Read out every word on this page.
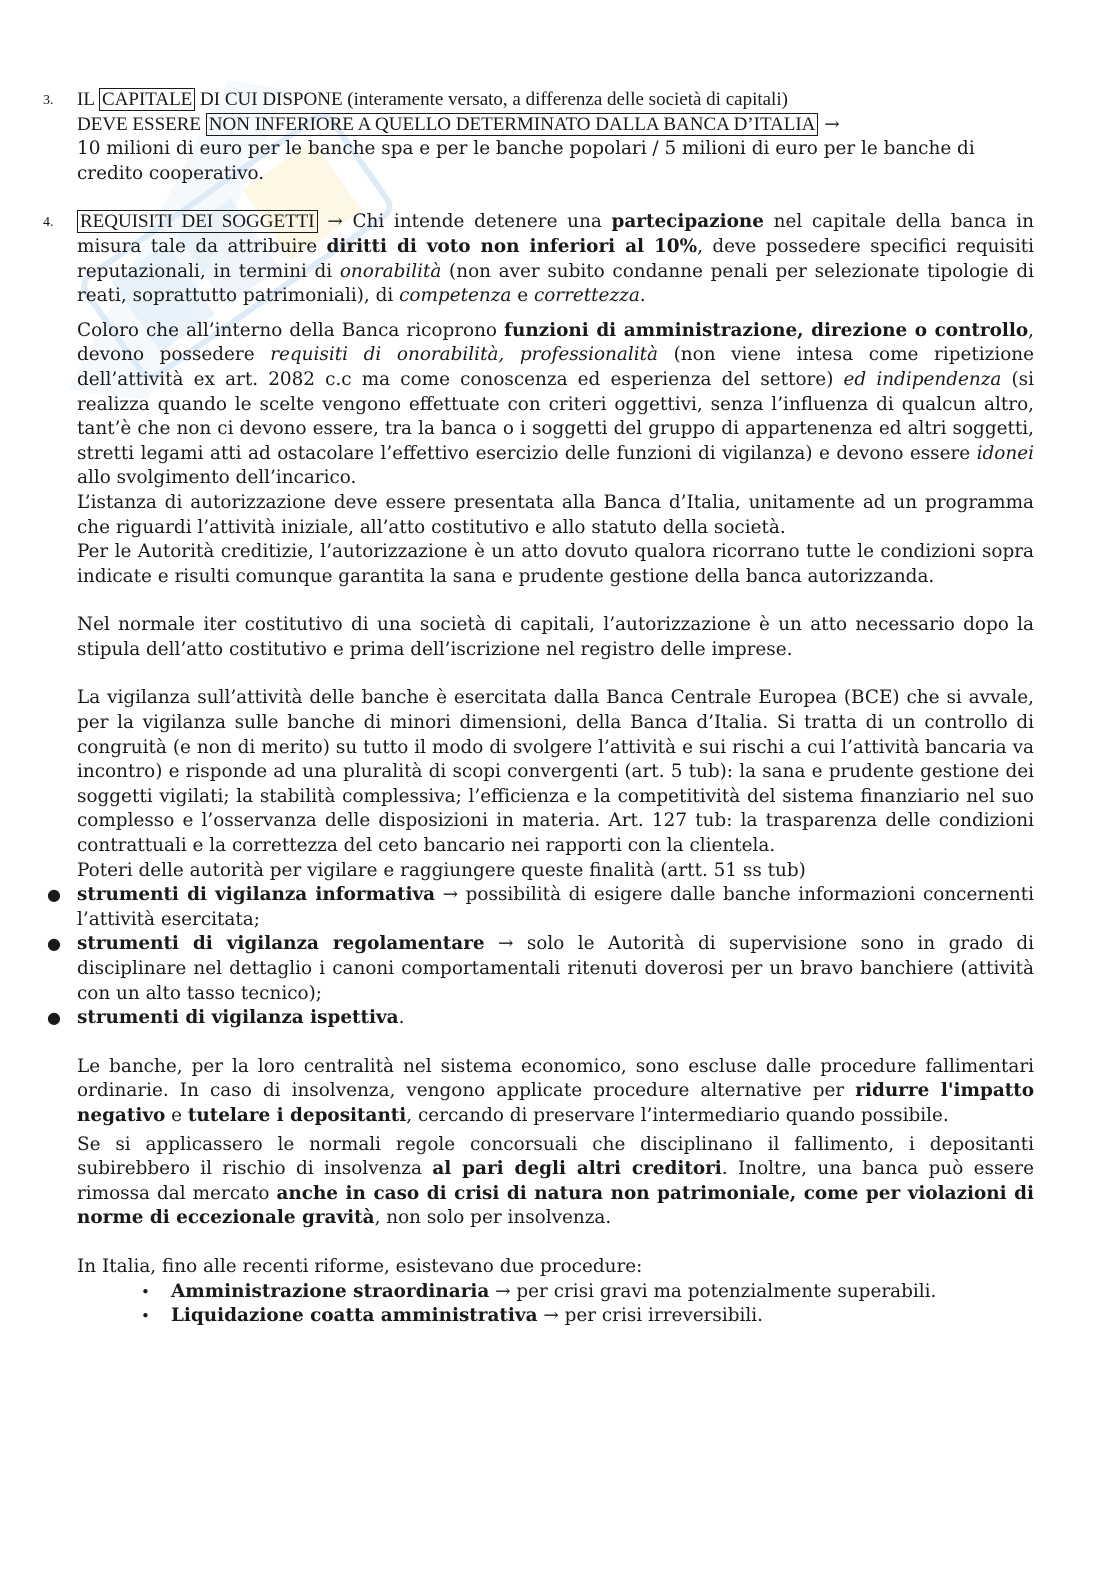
3. IL CAPITALE DI CUI DISPONE (interamente versato, a differenza delle società di capitali)
DEVE ESSERE NON INFERIORE A QUELLO DETERMINATO DALLA BANCA D’ITALIA →
10 milioni di euro per le banche spa e per le banche popolari / 5 milioni di euro per le banche di credito cooperativo.

4. REQUISITI DEI SOGGETTI → Chi intende detenere una partecipazione nel capitale della banca in misura tale da attribuire diritti di voto non inferiori al 10%, deve possedere specifici requisiti reputazionali, in termini di onorabilità (non aver subito condanne penali per selezionate tipologie di reati, soprattutto patrimoniali), di competenza e correttezza.

Coloro che all’interno della Banca ricoprono funzioni di amministrazione, direzione o controllo, devono possedere requisiti di onorabilità, professionalità (non viene intesa come ripetizione dell’attività ex art. 2082 c.c ma come conoscenza ed esperienza del settore) ed indipendenza (si realizza quando le scelte vengono effettuate con criteri oggettivi, senza l’influenza di qualcun altro, tant’è che non ci devono essere, tra la banca o i soggetti del gruppo di appartenenza ed altri soggetti, stretti legami atti ad ostacolare l’effettivo esercizio delle funzioni di vigilanza) e devono essere idonei allo svolgimento dell’incarico.

L’istanza di autorizzazione deve essere presentata alla Banca d’Italia, unitamente ad un programma che riguardi l’attività iniziale, all’atto costitutivo e allo statuto della società.

Per le Autorità creditizie, l’autorizzazione è un atto dovuto qualora ricorrano tutte le condizioni sopra indicate e risulti comunque garantita la sana e prudente gestione della banca autorizzanda.

Nel normale iter costitutivo di una società di capitali, l’autorizzazione è un atto necessario dopo la stipula dell’atto costitutivo e prima dell’iscrizione nel registro delle imprese.

La vigilanza sull’attività delle banche è esercitata dalla Banca Centrale Europea (BCE) che si avvale, per la vigilanza sulle banche di minori dimensioni, della Banca d’Italia. Si tratta di un controllo di congruità (e non di merito) su tutto il modo di svolgere l’attività e sui rischi a cui l’attività bancaria va incontro) e risponde ad una pluralità di scopi convergenti (art. 5 tub): la sana e prudente gestione dei soggetti vigilati; la stabilità complessiva; l’efficienza e la competitività del sistema finanziario nel suo complesso e l’osservanza delle disposizioni in materia. Art. 127 tub: la trasparenza delle condizioni contrattuali e la correttezza del ceto bancario nei rapporti con la clientela.

Poteri delle autorità per vigilare e raggiungere queste finalità (artt. 51 ss tub)

● strumenti di vigilanza informativa → possibilità di esigere dalle banche informazioni concernenti l’attività esercitata;
● strumenti di vigilanza regolamentare → solo le Autorità di supervisione sono in grado di disciplinare nel dettaglio i canoni comportamentali ritenuti doverosi per un bravo banchiere (attività con un alto tasso tecnico);
● strumenti di vigilanza ispettiva.

Le banche, per la loro centralità nel sistema economico, sono escluse dalle procedure fallimentari ordinarie. In caso di insolvenza, vengono applicate procedure alternative per ridurre l'impatto negativo e tutelare i depositanti, cercando di preservare l’intermediario quando possibile.

Se si applicassero le normali regole concorsuali che disciplinano il fallimento, i depositanti subirebbero il rischio di insolvenza al pari degli altri creditori. Inoltre, una banca può essere rimossa dal mercato anche in caso di crisi di natura non patrimoniale, come per violazioni di norme di eccezionale gravità, non solo per insolvenza.

In Italia, fino alle recenti riforme, esistevano due procedure:

• Amministrazione straordinaria → per crisi gravi ma potenzialmente superabili.
• Liquidazione coatta amministrativa → per crisi irreversibili.
